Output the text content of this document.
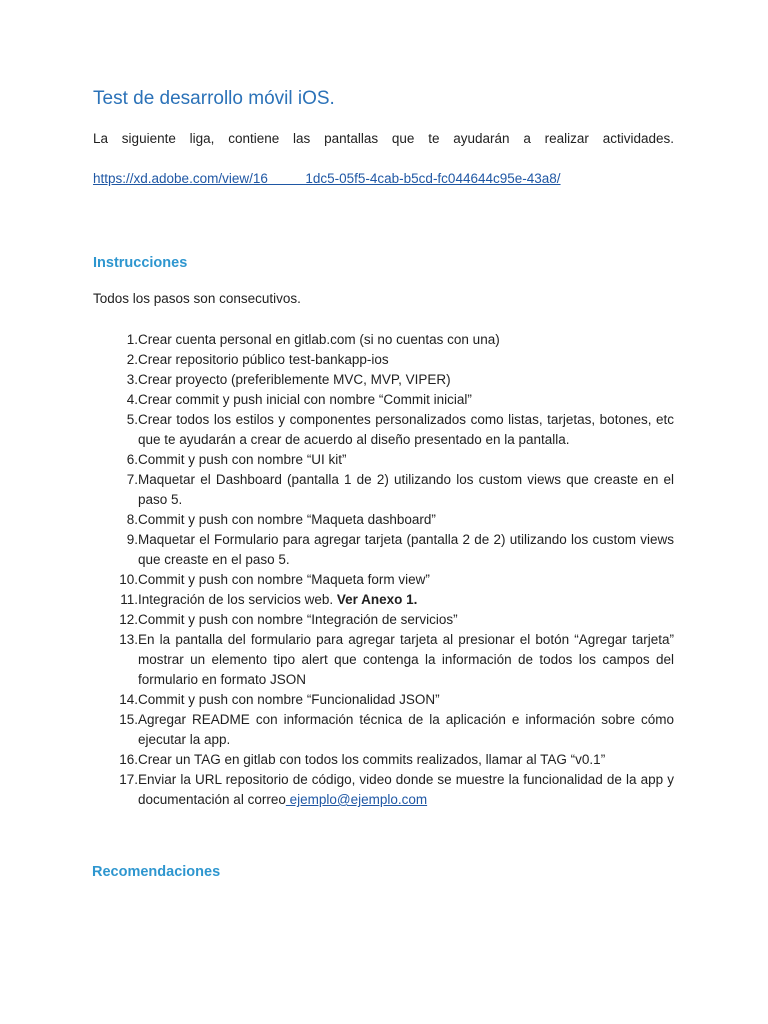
Test de desarrollo móvil iOS.

La siguiente liga, contiene las pantallas que te ayudarán a realizar actividades.

https://xd.adobe.com/view/16          1dc5-05f5-4cab-b5cd-fc044644c95e-43a8/
Instrucciones

Todos los pasos son consecutivos.

1. Crear cuenta personal en gitlab.com (si no cuentas con una)
2. Crear repositorio público test-bankapp-ios
3. Crear proyecto (preferiblemente MVC, MVP, VIPER)
4. Crear commit y push inicial con nombre “Commit inicial”
5. Crear todos los estilos y componentes personalizados como listas, tarjetas, botones, etc que te ayudarán a crear de acuerdo al diseño presentado en la pantalla.
6. Commit y push con nombre “UI kit”
7. Maquetar el Dashboard (pantalla 1 de 2) utilizando los custom views que creaste en el paso 5.
8. Commit y push con nombre “Maqueta dashboard”
9. Maquetar el Formulario para agregar tarjeta (pantalla 2 de 2) utilizando los custom views que creaste en el paso 5.
10. Commit y push con nombre “Maqueta form view”
11. Integración de los servicios web. Ver Anexo 1.
12. Commit y push con nombre “Integración de servicios”
13. En la pantalla del formulario para agregar tarjeta al presionar el botón “Agregar tarjeta” mostrar un elemento tipo alert que contenga la información de todos los campos del formulario en formato JSON
14. Commit y push con nombre “Funcionalidad JSON”
15. Agregar README con información técnica de la aplicación e información sobre cómo ejecutar la app.
16. Crear un TAG en gitlab con todos los commits realizados, llamar al TAG “v0.1”
17. Enviar la URL repositorio de código, video donde se muestre la funcionalidad de la app y documentación al correo ejemplo@ejemplo.com
Recomendaciones
